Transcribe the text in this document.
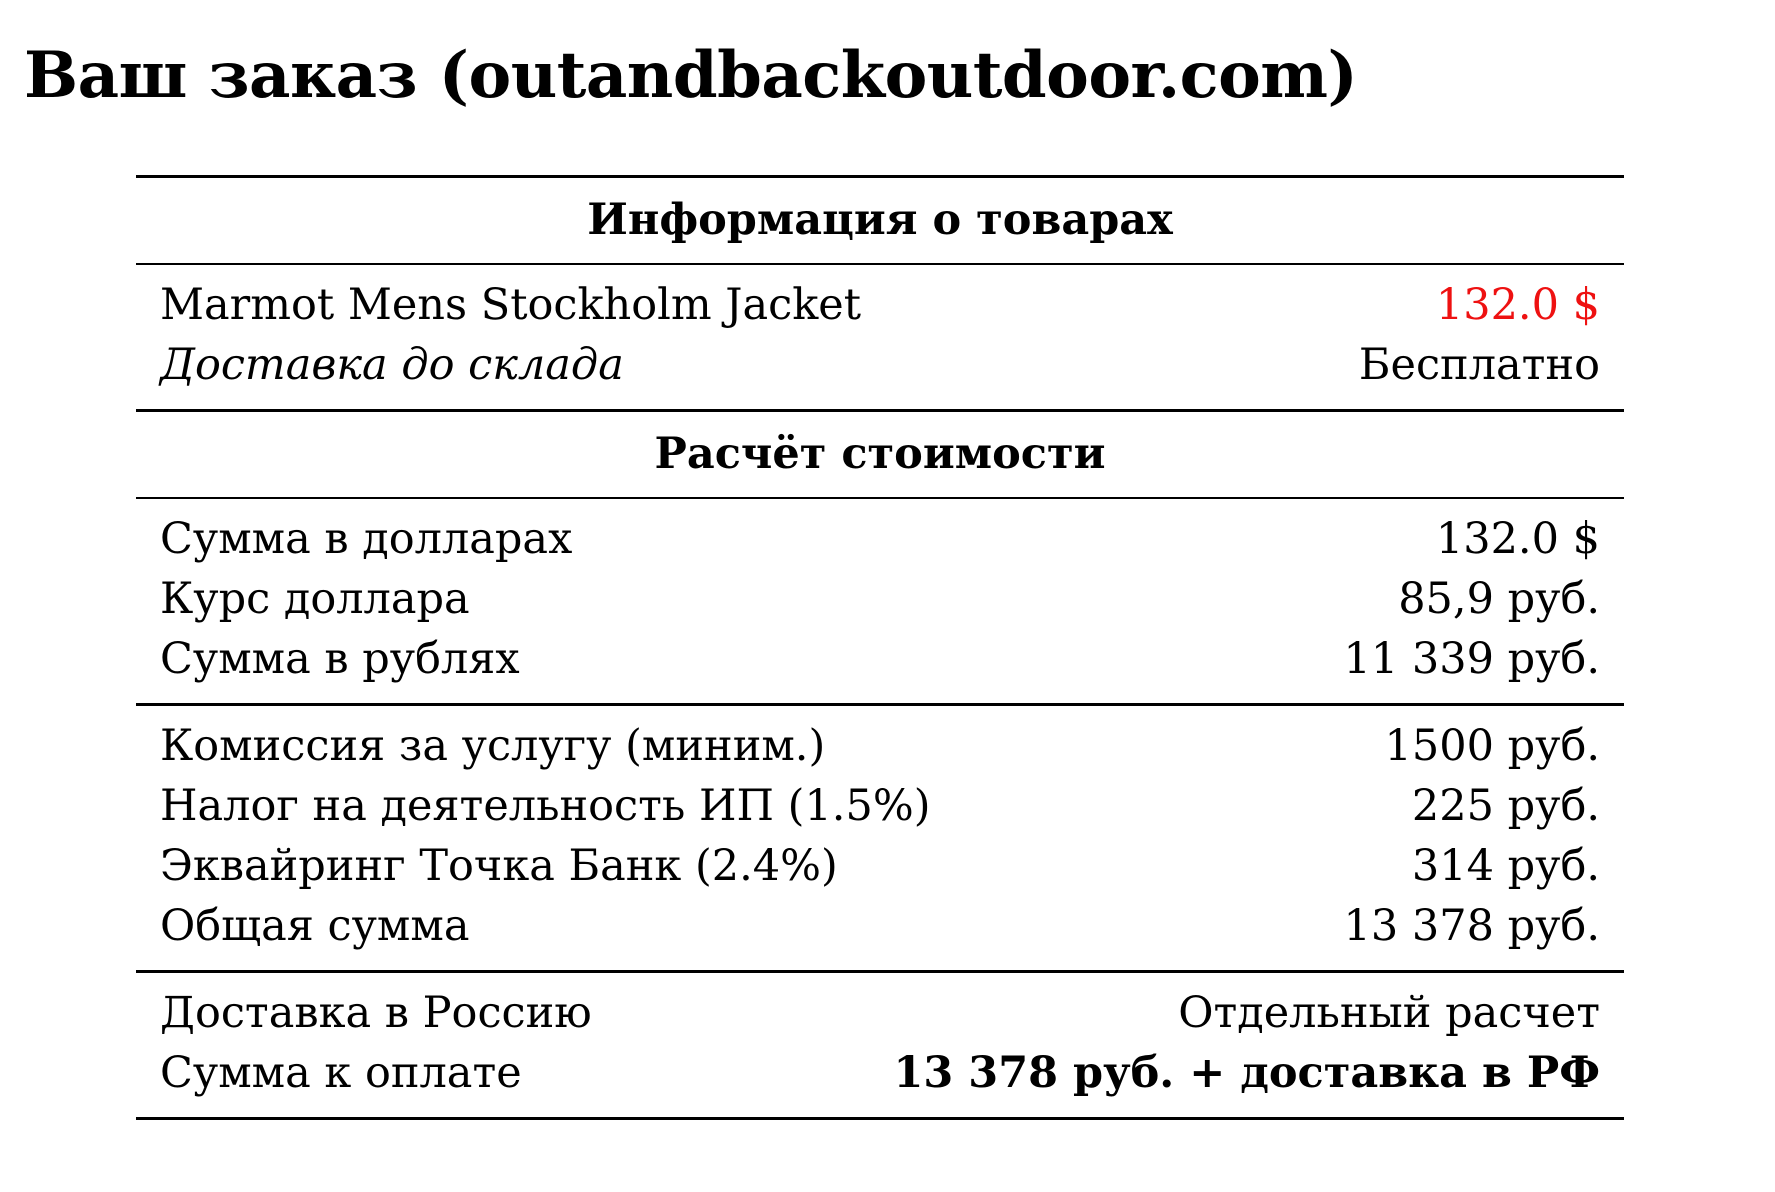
Ваш заказ (outandbackoutdoor.com)
Информация о товарах
Marmot Mens Stockholm Jacket	132.0 $
Доставка до склада	Бесплатно
Расчёт стоимости
Сумма в долларах	132.0 $
Курс доллара	85,9 руб.
Сумма в рублях	11 339 руб.
Комиссия за услугу (миним.)	1500 руб.
Налог на деятельность ИП (1.5%)	225 руб.
Эквайринг Точка Банк (2.4%)	314 руб.
Общая сумма	13 378 руб.
Доставка в Россию	Отдельный расчет
Сумма к оплате	13 378 руб. + доставка в РФ
